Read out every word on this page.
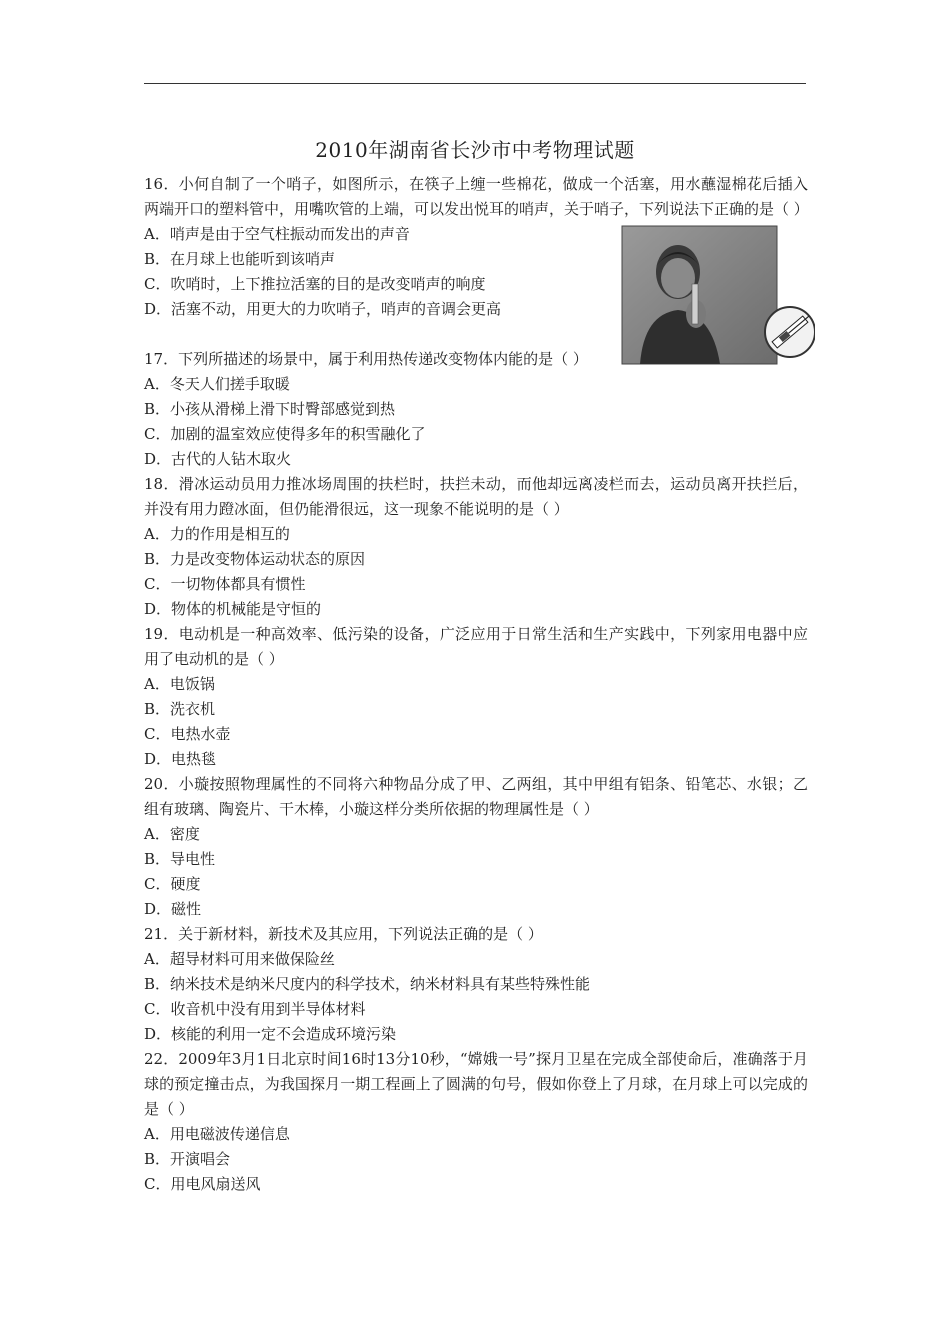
2010年湖南省长沙市中考物理试题
16．小何自制了一个哨子，如图所示，在筷子上缠一些棉花，做成一个活塞，用水蘸湿棉花后插入两端开口的塑料管中，用嘴吹管的上端，可以发出悦耳的哨声，关于哨子，下列说法下正确的是（ ）
A．哨声是由于空气柱振动而发出的声音
B．在月球上也能听到该哨声
C．吹哨时，上下推拉活塞的目的是改变哨声的响度
D．活塞不动，用更大的力吹哨子，哨声的音调会更高
17．下列所描述的场景中，属于利用热传递改变物体内能的是（ ）
A．冬天人们搓手取暖
B．小孩从滑梯上滑下时臀部感觉到热
C．加剧的温室效应使得多年的积雪融化了
D．古代的人钻木取火
18．滑冰运动员用力推冰场周围的扶栏时，扶拦未动，而他却远离凌栏而去，运动员离开扶拦后，并没有用力蹬冰面，但仍能滑很远，这一现象不能说明的是（ ）
A．力的作用是相互的
B．力是改变物体运动状态的原因
C．一切物体都具有惯性
D．物体的机械能是守恒的
19．电动机是一种高效率、低污染的设备，广泛应用于日常生活和生产实践中，下列家用电器中应用了电动机的是（ ）
A．电饭锅
B．洗衣机
C．电热水壶
D．电热毯
20．小璇按照物理属性的不同将六种物品分成了甲、乙两组，其中甲组有铝条、铅笔芯、水银；乙组有玻璃、陶瓷片、干木棒，小璇这样分类所依据的物理属性是（ ）
A．密度
B．导电性
C．硬度
D．磁性
21．关于新材料，新技术及其应用，下列说法正确的是（ ）
A．超导材料可用来做保险丝
B．纳米技术是纳米尺度内的科学技术，纳米材料具有某些特殊性能
C．收音机中没有用到半导体材料
D．核能的利用一定不会造成环境污染
22．2009年3月1日北京时间16时13分10秒，“嫦娥一号”探月卫星在完成全部使命后，准确落于月球的预定撞击点，为我国探月一期工程画上了圆满的句号，假如你登上了月球，在月球上可以完成的是（ ）
A．用电磁波传递信息
B．开演唱会
C．用电风扇送风
